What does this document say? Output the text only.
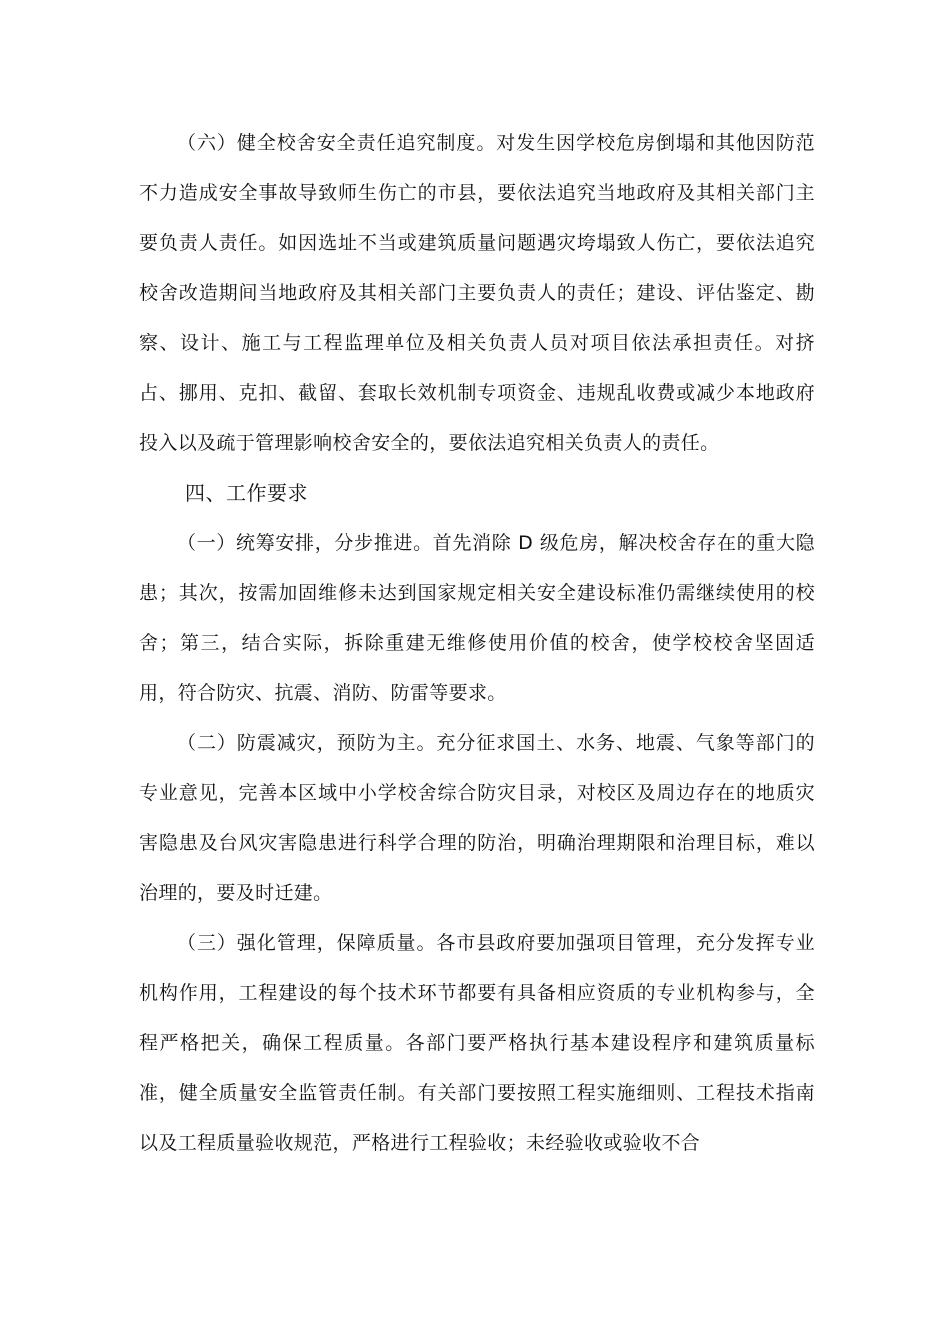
（六）健全校舍安全责任追究制度。对发生因学校危房倒塌和其他因防范不力造成安全事故导致师生伤亡的市县，要依法追究当地政府及其相关部门主要负责人责任。如因选址不当或建筑质量问题遇灾垮塌致人伤亡，要依法追究校舍改造期间当地政府及其相关部门主要负责人的责任；建设、评估鉴定、勘察、设计、施工与工程监理单位及相关负责人员对项目依法承担责任。对挤占、挪用、克扣、截留、套取长效机制专项资金、违规乱收费或减少本地政府投入以及疏于管理影响校舍安全的，要依法追究相关负责人的责任。

四、工作要求

（一）统筹安排，分步推进。首先消除 D 级危房，解决校舍存在的重大隐患；其次，按需加固维修未达到国家规定相关安全建设标准仍需继续使用的校舍；第三，结合实际，拆除重建无维修使用价值的校舍，使学校校舍坚固适用，符合防灾、抗震、消防、防雷等要求。

（二）防震减灾，预防为主。充分征求国土、水务、地震、气象等部门的专业意见，完善本区域中小学校舍综合防灾目录，对校区及周边存在的地质灾害隐患及台风灾害隐患进行科学合理的防治，明确治理期限和治理目标，难以治理的，要及时迁建。

（三）强化管理，保障质量。各市县政府要加强项目管理，充分发挥专业机构作用，工程建设的每个技术环节都要有具备相应资质的专业机构参与，全程严格把关，确保工程质量。各部门要严格执行基本建设程序和建筑质量标准，健全质量安全监管责任制。有关部门要按照工程实施细则、工程技术指南以及工程质量验收规范，严格进行工程验收；未经验收或验收不合
